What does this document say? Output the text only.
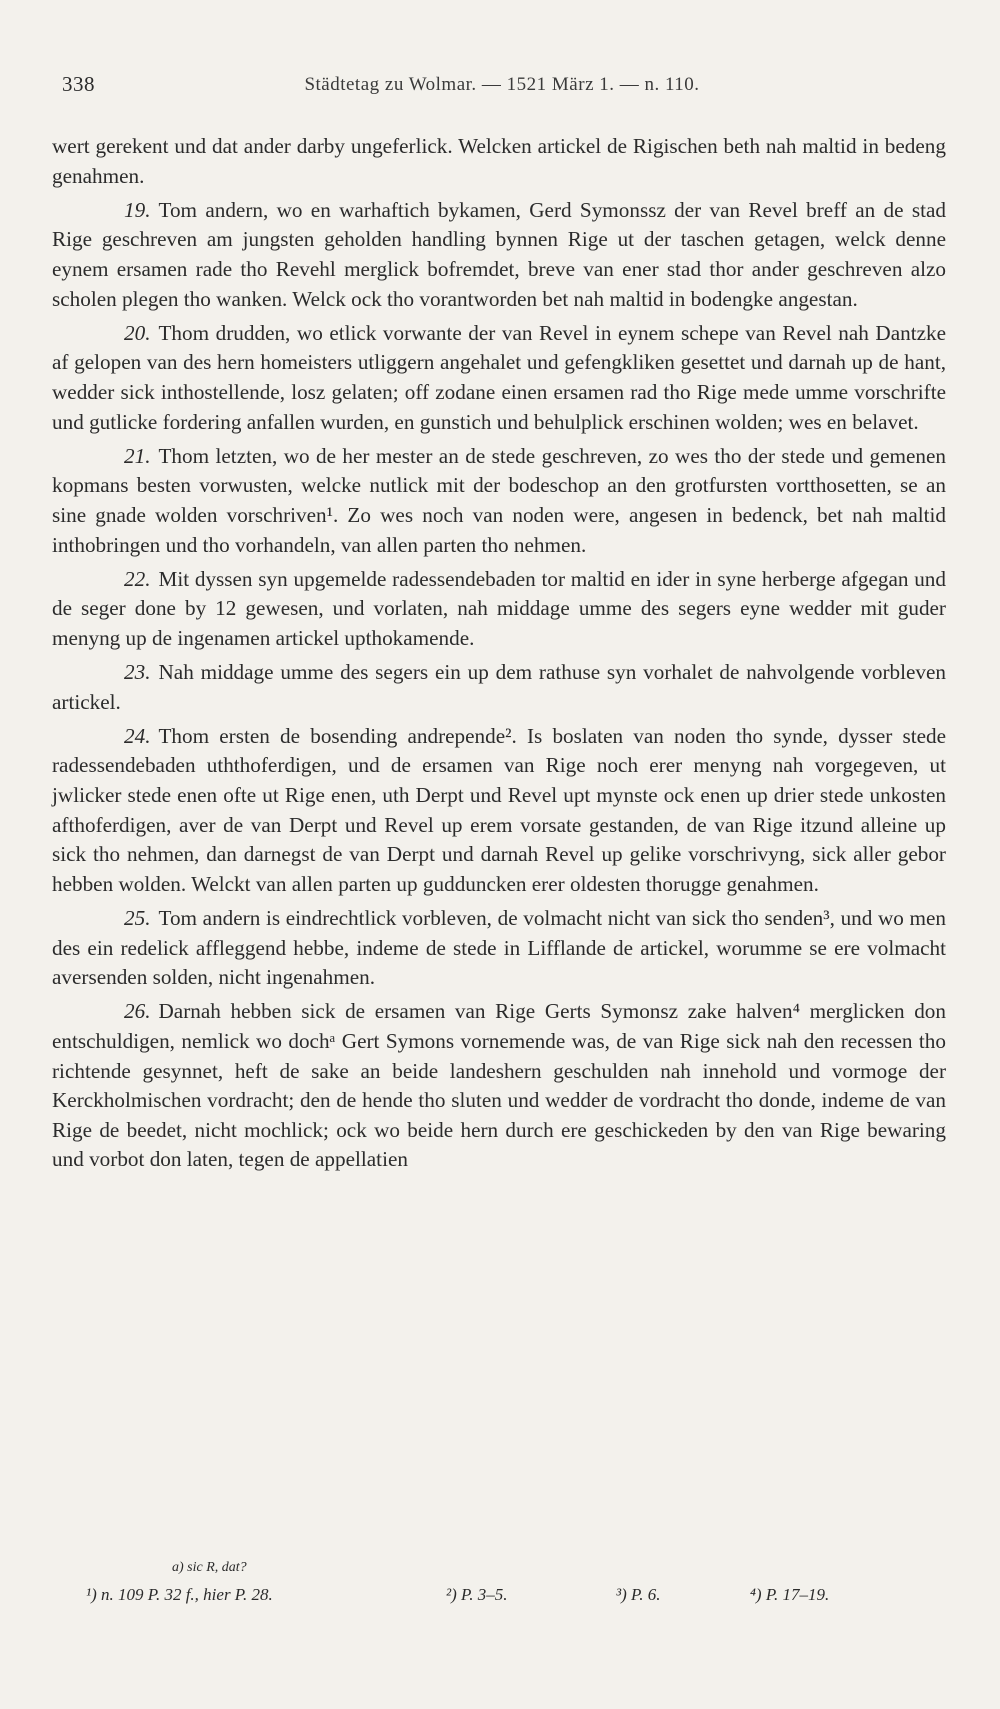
338	Städtetag zu Wolmar. — 1521 März 1. — n. 110.

wert gerekent und dat ander darby ungeferlick. Welcken artickel de Rigischen beth nah maltid in bedeng genahmen.

19. Tom andern, wo en warhaftich bykamen, Gerd Symonssz der van Revel breff an de stad Rige geschreven am jungsten geholden handling bynnen Rige ut der taschen getagen, welck denne eynem ersamen rade tho Revehl merglick bofremdet, breve van ener stad thor ander geschreven alzo scholen plegen tho wanken. Welck ock tho vorantworden bet nah maltid in bodengke angestan.

20. Thom drudden, wo etlick vorwante der van Revel in eynem schepe van Revel nah Dantzke af gelopen van des hern homeisters utliggern angehalet und gefengkliken gesettet und darnah up de hant, wedder sick inthostellende, losz gelaten; off zodane einen ersamen rad tho Rige mede umme vorschrifte und gutlicke fordering anfallen wurden, en gunstich und behulplick erschinen wolden; wes en belavet.

21. Thom letzten, wo de her mester an de stede geschreven, zo wes tho der stede und gemenen kopmans besten vorwusten, welcke nutlick mit der bodeschop an den grotfursten vortthosetten, se an sine gnade wolden vorschriven¹. Zo wes noch van noden were, angesen in bedenck, bet nah maltid inthobringen und tho vorhandeln, van allen parten tho nehmen.

22. Mit dyssen syn upgemelde radessendebaden tor maltid en ider in syne herberge afgegan und de seger done by 12 gewesen, und vorlaten, nah middage umme des segers eyne wedder mit guder menyng up de ingenamen artickel upthokamende.

23. Nah middage umme des segers ein up dem rathuse syn vorhalet de nahvolgende vorbleven artickel.

24. Thom ersten de bosending andrepende². Is boslaten van noden tho synde, dysser stede radessendebaden uththoferdigen, und de ersamen van Rige noch erer menyng nah vorgegeven, ut jwlicker stede enen ofte ut Rige enen, uth Derpt und Revel upt mynste ock enen up drier stede unkosten afthoferdigen, aver de van Derpt und Revel up erem vorsate gestanden, de van Rige itzund alleine up sick tho nehmen, dan darnegst de van Derpt und darnah Revel up gelike vorschrivyng, sick aller gebor hebben wolden. Welckt van allen parten up gudduncken erer oldesten thorugge genahmen.

25. Tom andern is eindrechtlick vorbleven, de volmacht nicht van sick tho senden³, und wo men des ein redelick affleggend hebbe, indeme de stede in Lifflande de artickel, worumme se ere volmacht aversenden solden, nicht ingenahmen.

26. Darnah hebben sick de ersamen van Rige Gerts Symonsz zake halven⁴ merglicken don entschuldigen, nemlick wo dochᵃ Gert Symons vornemende was, de van Rige sick nah den recessen tho richtende gesynnet, heft de sake an beide landeshern geschulden nah innehold und vormoge der Kerckholmischen vordracht; den de hende tho sluten und wedder de vordracht tho donde, indeme de van Rige de beedet, nicht mochlick; ock wo beide hern durch ere geschickeden by den van Rige bewaring und vorbot don laten, tegen de appellatien

a) sic R, dat?
¹) n. 109 P. 32 f., hier P. 28.	²) P. 3–5.	³) P. 6.	⁴) P. 17–19.
